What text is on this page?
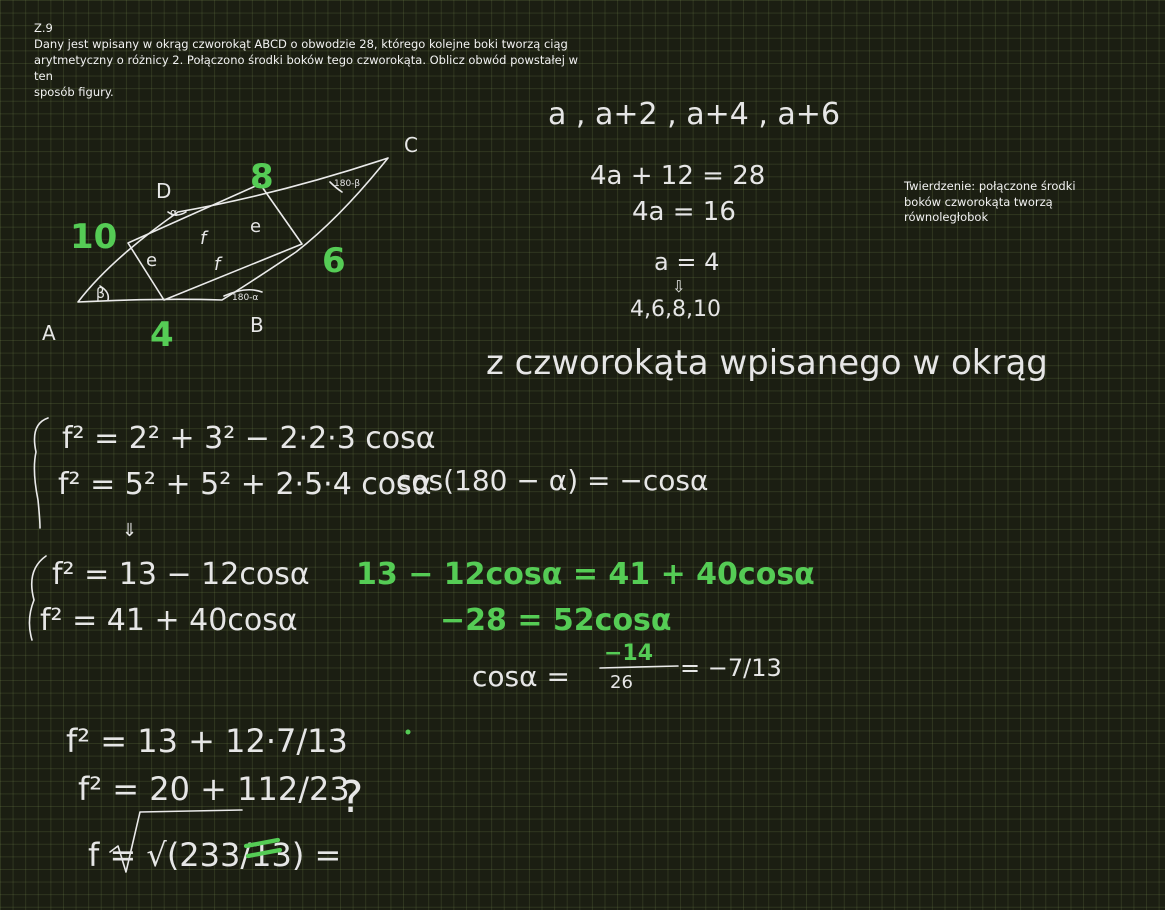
Z.9
Dany jest wpisany w okrąg czworokąt ABCD o obwodzie 28, którego kolejne boki tworzą ciąg
arytmetyczny o różnicy 2. Połączono środki boków tego czworokąta. Oblicz obwód powstałej w ten
sposób figury.
Twierdzenie: połączone środki
boków czworokąta tworzą
równoległobok
A	B
C
D 8
10
6
4
e
e
f
f
β
α
180-β
180-α
a , a+2 , a+4 , a+6
4a + 12 = 28
4a = 16
a = 4
⇩
4,6,8,10
z czworokąta wpisanego w okrąg
f² = 2² + 3² − 2·2·3 cosα
f² = 5² + 5² + 2·5·4 cosα
cos(180 − α) = −cosα
⇓
f² = 13 − 12cosα
f² = 41 + 40cosα
13 − 12cosα = 41 + 40cosα
−28 = 52cosα
cosα =
−14
26
= −7/13
f² = 13 + 12·7/13
f² = 20 + 112/23
f = √(233/13) =
?
